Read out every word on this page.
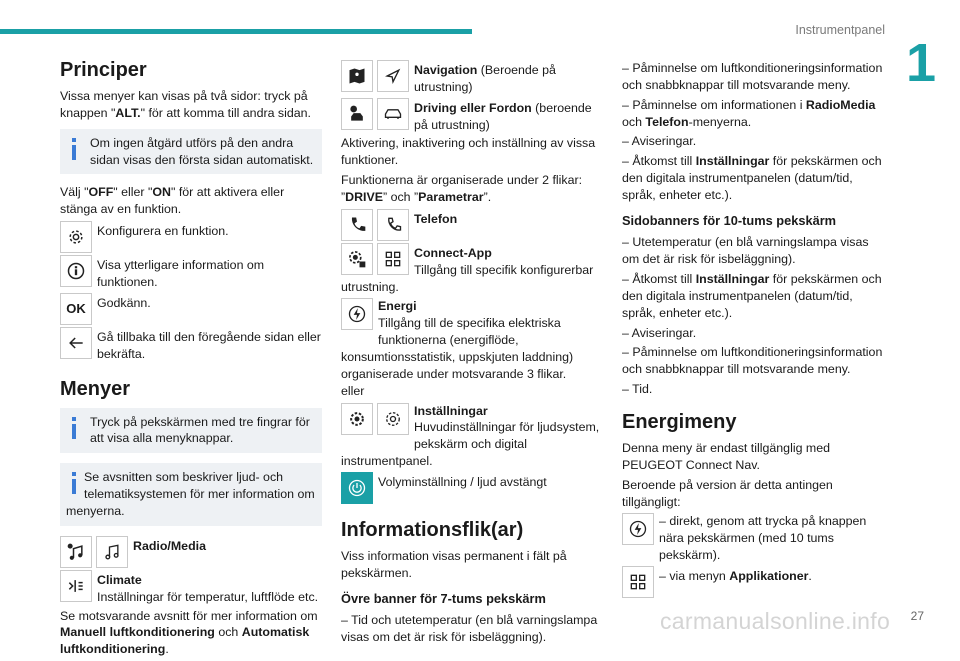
Instrumentpanel
1
27
carmanualsonline.info
Principer

Vissa menyer kan visas på två sidor: tryck på knappen "ALT." för att komma till andra sidan.

Om ingen åtgärd utförs på den andra sidan visas den första sidan automatiskt.

Välj "OFF" eller "ON" för att aktivera eller stänga av en funktion.

Konfigurera en funktion.
Visa ytterligare information om funktionen.
OK Godkänn.
Gå tillbaka till den föregående sidan eller bekräfta.
Menyer
Tryck på pekskärmen med tre fingrar för att visa alla menyknappar.
Se avsnitten som beskriver ljud- och telematiksystemen för mer information om menyerna.
Radio/Media
Climate
Inställningar för temperatur, luftflöde etc.

Se motsvarande avsnitt för mer information om Manuell luftkonditionering och Automatisk luftkonditionering.

Navigation (Beroende på utrustning)
Driving eller Fordon (beroende på utrustning)

Aktivering, inaktivering och inställning av vissa funktioner.

Funktionerna är organiserade under 2 flikar: ”DRIVE” och ”Parametrar”.

Telefon
Connect-App
Tillgång till specifik konfigurerbar utrustning.
Energi
Tillgång till de specifika elektriska funktionerna (energiflöde, konsumtionsstatistik, uppskjuten laddning) organiserade under motsvarande 3 flikar.

eller

Inställningar
Huvudinställningar för ljudsystem, pekskärm och digital instrumentpanel.
Volyminställning / ljud avstängt
Informationsflik(ar)

Viss information visas permanent i fält på pekskärmen.

Övre banner för 7-tums pekskärm

– Tid och utetemperatur (en blå varningslampa visas om det är risk för isbeläggning).

– Påminnelse om luftkonditioneringsinformation och snabbknappar till motsvarande meny.

– Påminnelse om informationen i RadioMedia och Telefon-menyerna.

– Aviseringar.

– Åtkomst till Inställningar för pekskärmen och den digitala instrumentpanelen (datum/tid, språk, enheter etc.).

Sidobanners för 10-tums pekskärm

– Utetemperatur (en blå varningslampa visas om det är risk för isbeläggning).

– Åtkomst till Inställningar för pekskärmen och den digitala instrumentpanelen (datum/tid, språk, enheter etc.).

– Aviseringar.

– Påminnelse om luftkonditioneringsinformation och snabbknappar till motsvarande meny.

– Tid.

Energimeny

Denna meny är endast tillgänglig med PEUGEOT Connect Nav.

Beroende på version är detta antingen tillgängligt:

– direkt, genom att trycka på knappen nära pekskärmen (med 10 tums pekskärm).
– via menyn Applikationer.
